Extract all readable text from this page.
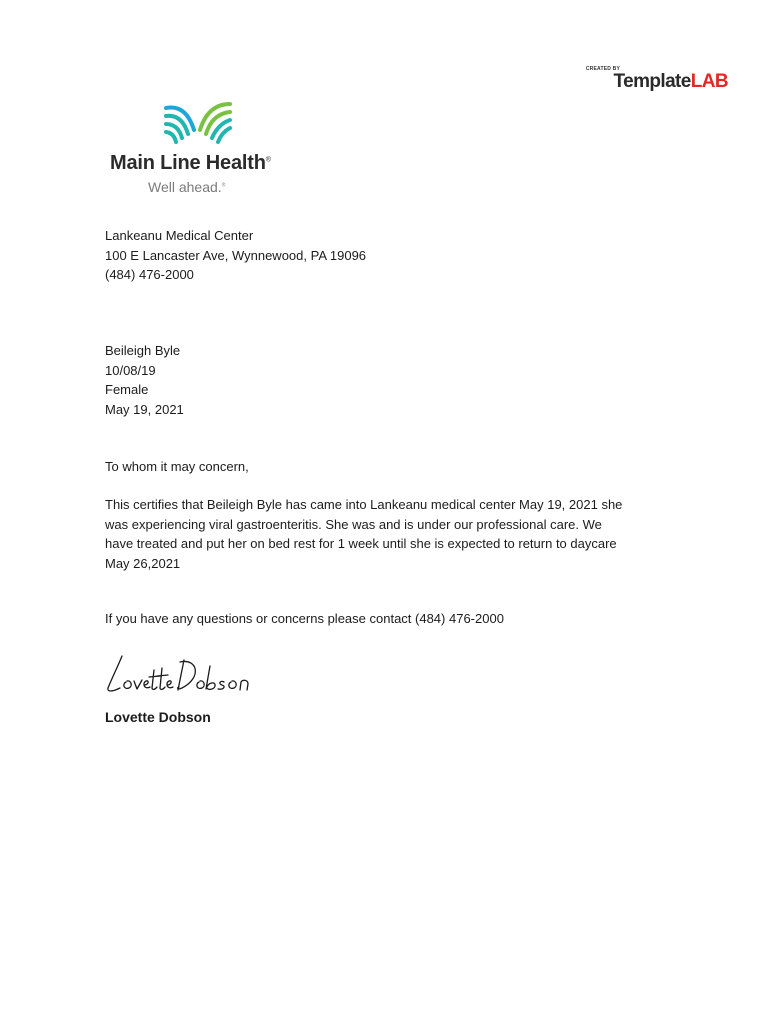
CREATED BY
TemplateLAB
Main Line Health®
Well ahead.®
Lankeanu Medical Center
100 E Lancaster Ave, Wynnewood, PA 19096
(484) 476-2000
Beileigh Byle
10/08/19
Female
May 19, 2021
To whom it may concern,
This certifies that Beileigh Byle has came into Lankeanu medical center May 19, 2021 she was experiencing viral gastroenteritis. She was and is under our professional care. We have treated and put her on bed rest for 1 week until she is expected to return to daycare May 26,2021
If you have any questions or concerns please contact (484) 476-2000
Lovette Dobson
